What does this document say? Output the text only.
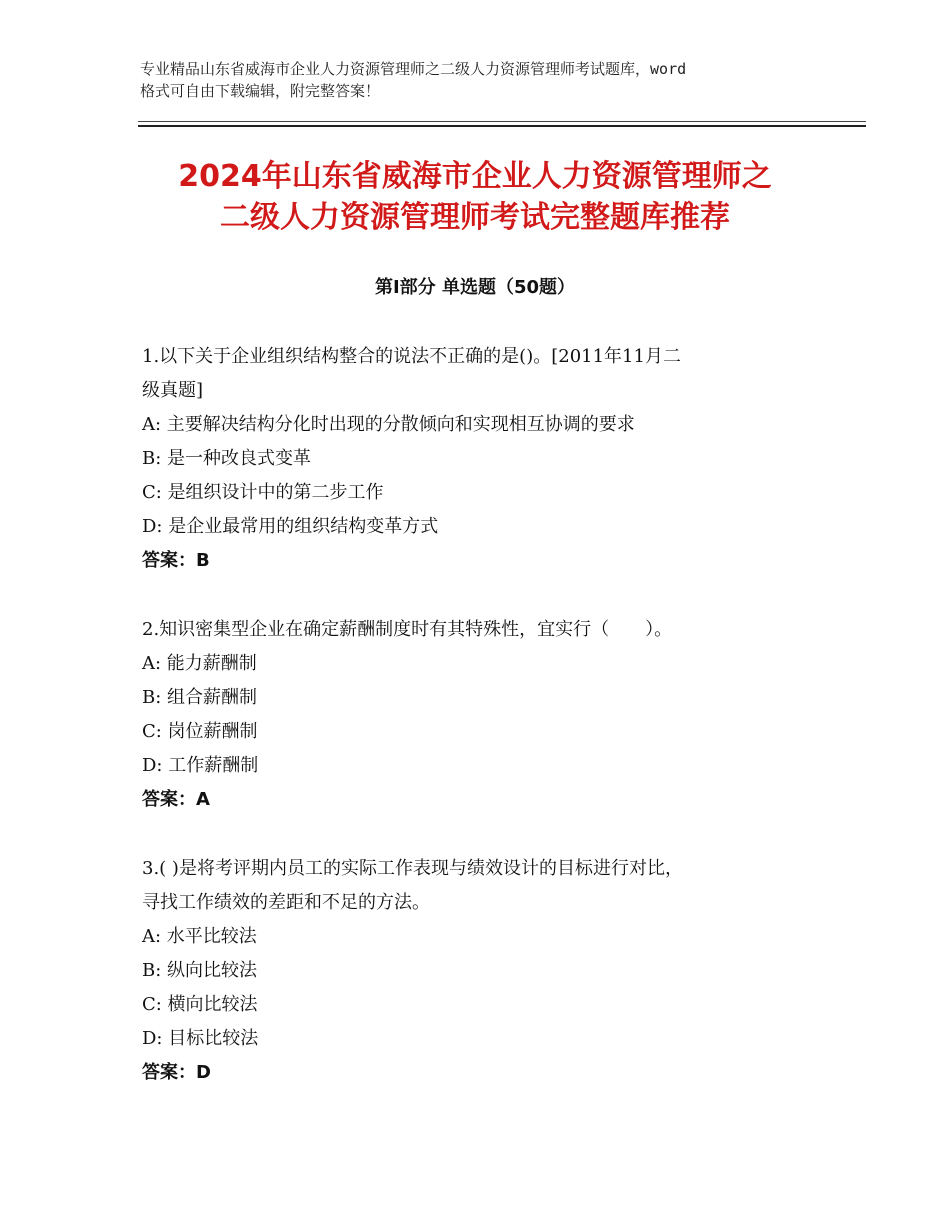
专业精品山东省威海市企业人力资源管理师之二级人力资源管理师考试题库，word
格式可自由下载编辑，附完整答案！
2024年山东省威海市企业人力资源管理师之
二级人力资源管理师考试完整题库推荐
第Ⅰ部分 单选题（50题）
1.以下关于企业组织结构整合的说法不正确的是()。[2011年11月二
级真题]
A: 主要解决结构分化时出现的分散倾向和实现相互协调的要求
B: 是一种改良式变革
C: 是组织设计中的第二步工作
D: 是企业最常用的组织结构变革方式
答案：B
2.知识密集型企业在确定薪酬制度时有其特殊性，宜实行（　　）。
A: 能力薪酬制
B: 组合薪酬制
C: 岗位薪酬制
D: 工作薪酬制
答案：A
3.( )是将考评期内员工的实际工作表现与绩效设计的目标进行对比，
寻找工作绩效的差距和不足的方法。
A: 水平比较法
B: 纵向比较法
C: 横向比较法
D: 目标比较法
答案：D
